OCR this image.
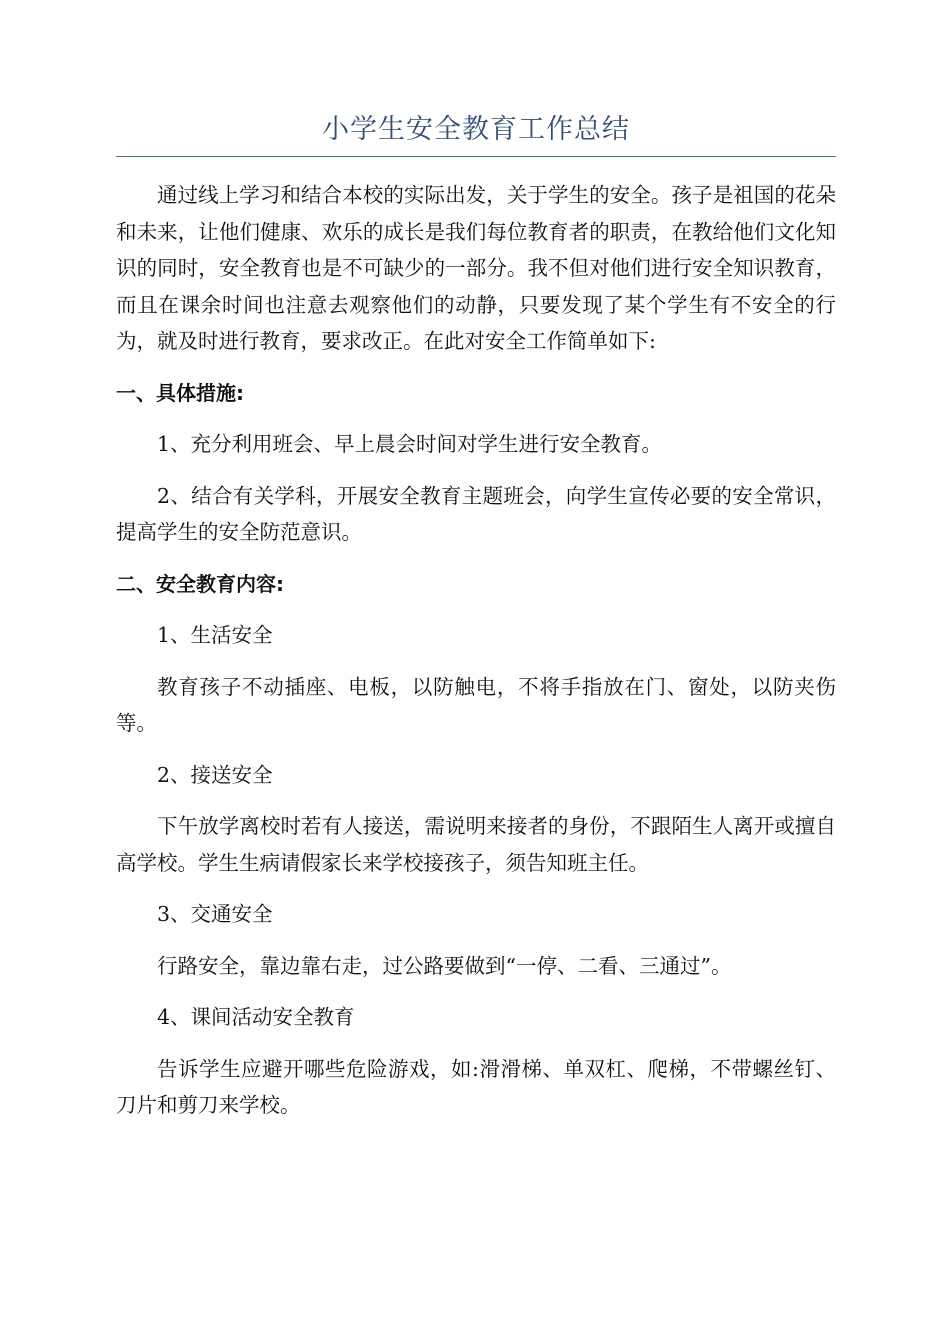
小学生安全教育工作总结

通过线上学习和结合本校的实际出发，关于学生的安全。孩子是祖国的花朵和未来，让他们健康、欢乐的成长是我们每位教育者的职责，在教给他们文化知识的同时，安全教育也是不可缺少的一部分。我不但对他们进行安全知识教育，而且在课余时间也注意去观察他们的动静，只要发现了某个学生有不安全的行为，就及时进行教育，要求改正。在此对安全工作简单如下:

一、具体措施:

1、充分利用班会、早上晨会时间对学生进行安全教育。

2、结合有关学科，开展安全教育主题班会，向学生宣传必要的安全常识，提高学生的安全防范意识。

二、安全教育内容:

1、生活安全

教育孩子不动插座、电板，以防触电，不将手指放在门、窗处，以防夹伤等。

2、接送安全

下午放学离校时若有人接送，需说明来接者的身份，不跟陌生人离开或擅自高学校。学生生病请假家长来学校接孩子，须告知班主任。

3、交通安全

行路安全，靠边靠右走，过公路要做到“一停、二看、三通过”。

4、课间活动安全教育

告诉学生应避开哪些危险游戏，如:滑滑梯、单双杠、爬梯，不带螺丝钉、刀片和剪刀来学校。
